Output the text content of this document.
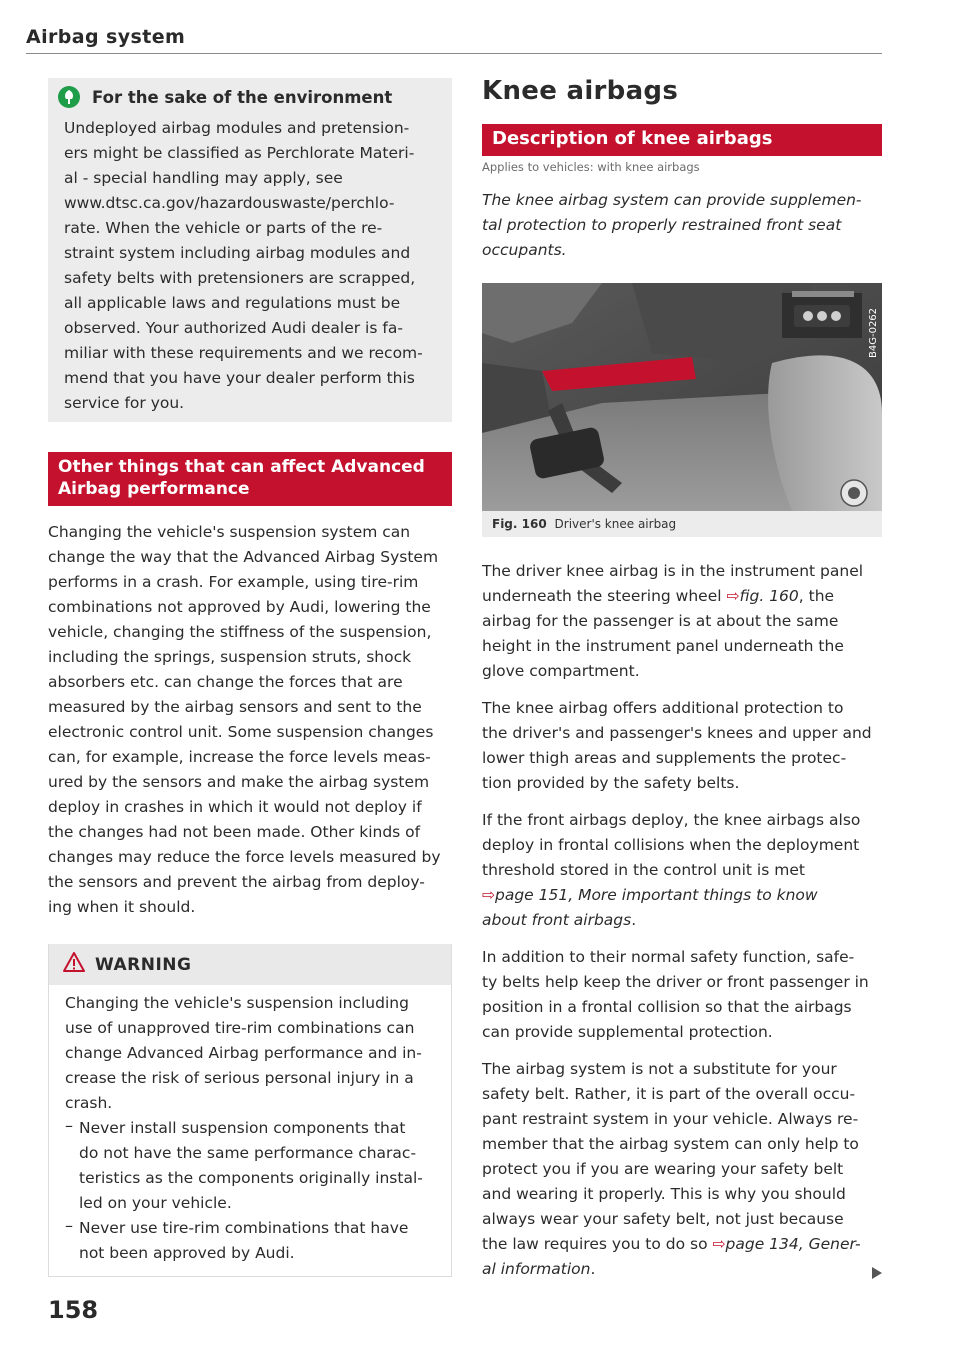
Airbag system
For the sake of the environment

Undeployed airbag modules and pretension-

ers might be classified as Perchlorate Materi-

al - special handling may apply, see

www.dtsc.ca.gov/hazardouswaste/perchlo-

rate. When the vehicle or parts of the re-

straint system including airbag modules and

safety belts with pretensioners are scrapped,

all applicable laws and regulations must be

observed. Your authorized Audi dealer is fa-

miliar with these requirements and we recom-

mend that you have your dealer perform this

service for you.

Other things that can affect Advanced
Airbag performance

Changing the vehicle's suspension system can

change the way that the Advanced Airbag System

performs in a crash. For example, using tire-rim

combinations not approved by Audi, lowering the

vehicle, changing the stiffness of the suspension,

including the springs, suspension struts, shock

absorbers etc. can change the forces that are

measured by the airbag sensors and sent to the

electronic control unit. Some suspension changes

can, for example, increase the force levels meas-

ured by the sensors and make the airbag system

deploy in crashes in which it would not deploy if

the changes had not been made. Other kinds of

changes may reduce the force levels measured by

the sensors and prevent the airbag from deploy-

ing when it should.

WARNING

Changing the vehicle's suspension including

use of unapproved tire-rim combinations can

change Advanced Airbag performance and in-

crease the risk of serious personal injury in a

crash.

– Never install suspension components that

do not have the same performance charac-

teristics as the components originally instal-

led on your vehicle.

– Never use tire-rim combinations that have

not been approved by Audi.

158
Knee airbags
Description of knee airbags
Applies to vehicles: with knee airbags
The knee airbag system can provide supplemen-
tal protection to properly restrained front seat
occupants.
B4G-0262
Fig. 160 Driver's knee airbag

The driver knee airbag is in the instrument panel

underneath the steering wheel ⇨fig. 160, the

airbag for the passenger is at about the same

height in the instrument panel underneath the

glove compartment.

The knee airbag offers additional protection to

the driver's and passenger's knees and upper and

lower thigh areas and supplements the protec-

tion provided by the safety belts.

If the front airbags deploy, the knee airbags also

deploy in frontal collisions when the deployment

threshold stored in the control unit is met

⇨page 151, More important things to know

about front airbags.

In addition to their normal safety function, safe-

ty belts help keep the driver or front passenger in

position in a frontal collision so that the airbags

can provide supplemental protection.

The airbag system is not a substitute for your

safety belt. Rather, it is part of the overall occu-

pant restraint system in your vehicle. Always re-

member that the airbag system can only help to

protect you if you are wearing your safety belt

and wearing it properly. This is why you should

always wear your safety belt, not just because

the law requires you to do so ⇨page 134, Gener-

al information.
